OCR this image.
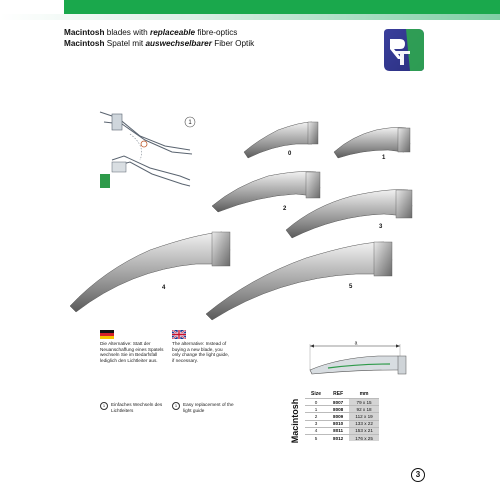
Macintosh blades with replaceable fibre-optics
Macintosh Spatel mit auswechselbarer Fiber Optik
1
0
1
2
3
4	5
Die Alternative: Statt der Neuanschaffung eines Spatels wechseln Sie im Bedarfsfall lediglich den Lichtleiter aus.
The alternative: Instead of buying a new blade, you only change the light guide, if necessary.
1 Einfaches Wechseln des Lichtleiters
1 Easy replacement of the light guide
a
Macintosh
Size	REF	mm
0	8007	79 x 15
1	8008	92 x 18
2	8009	112 x 19
3	8010	133 x 22
4	8011	153 x 21
5	8012	176 x 25
3
